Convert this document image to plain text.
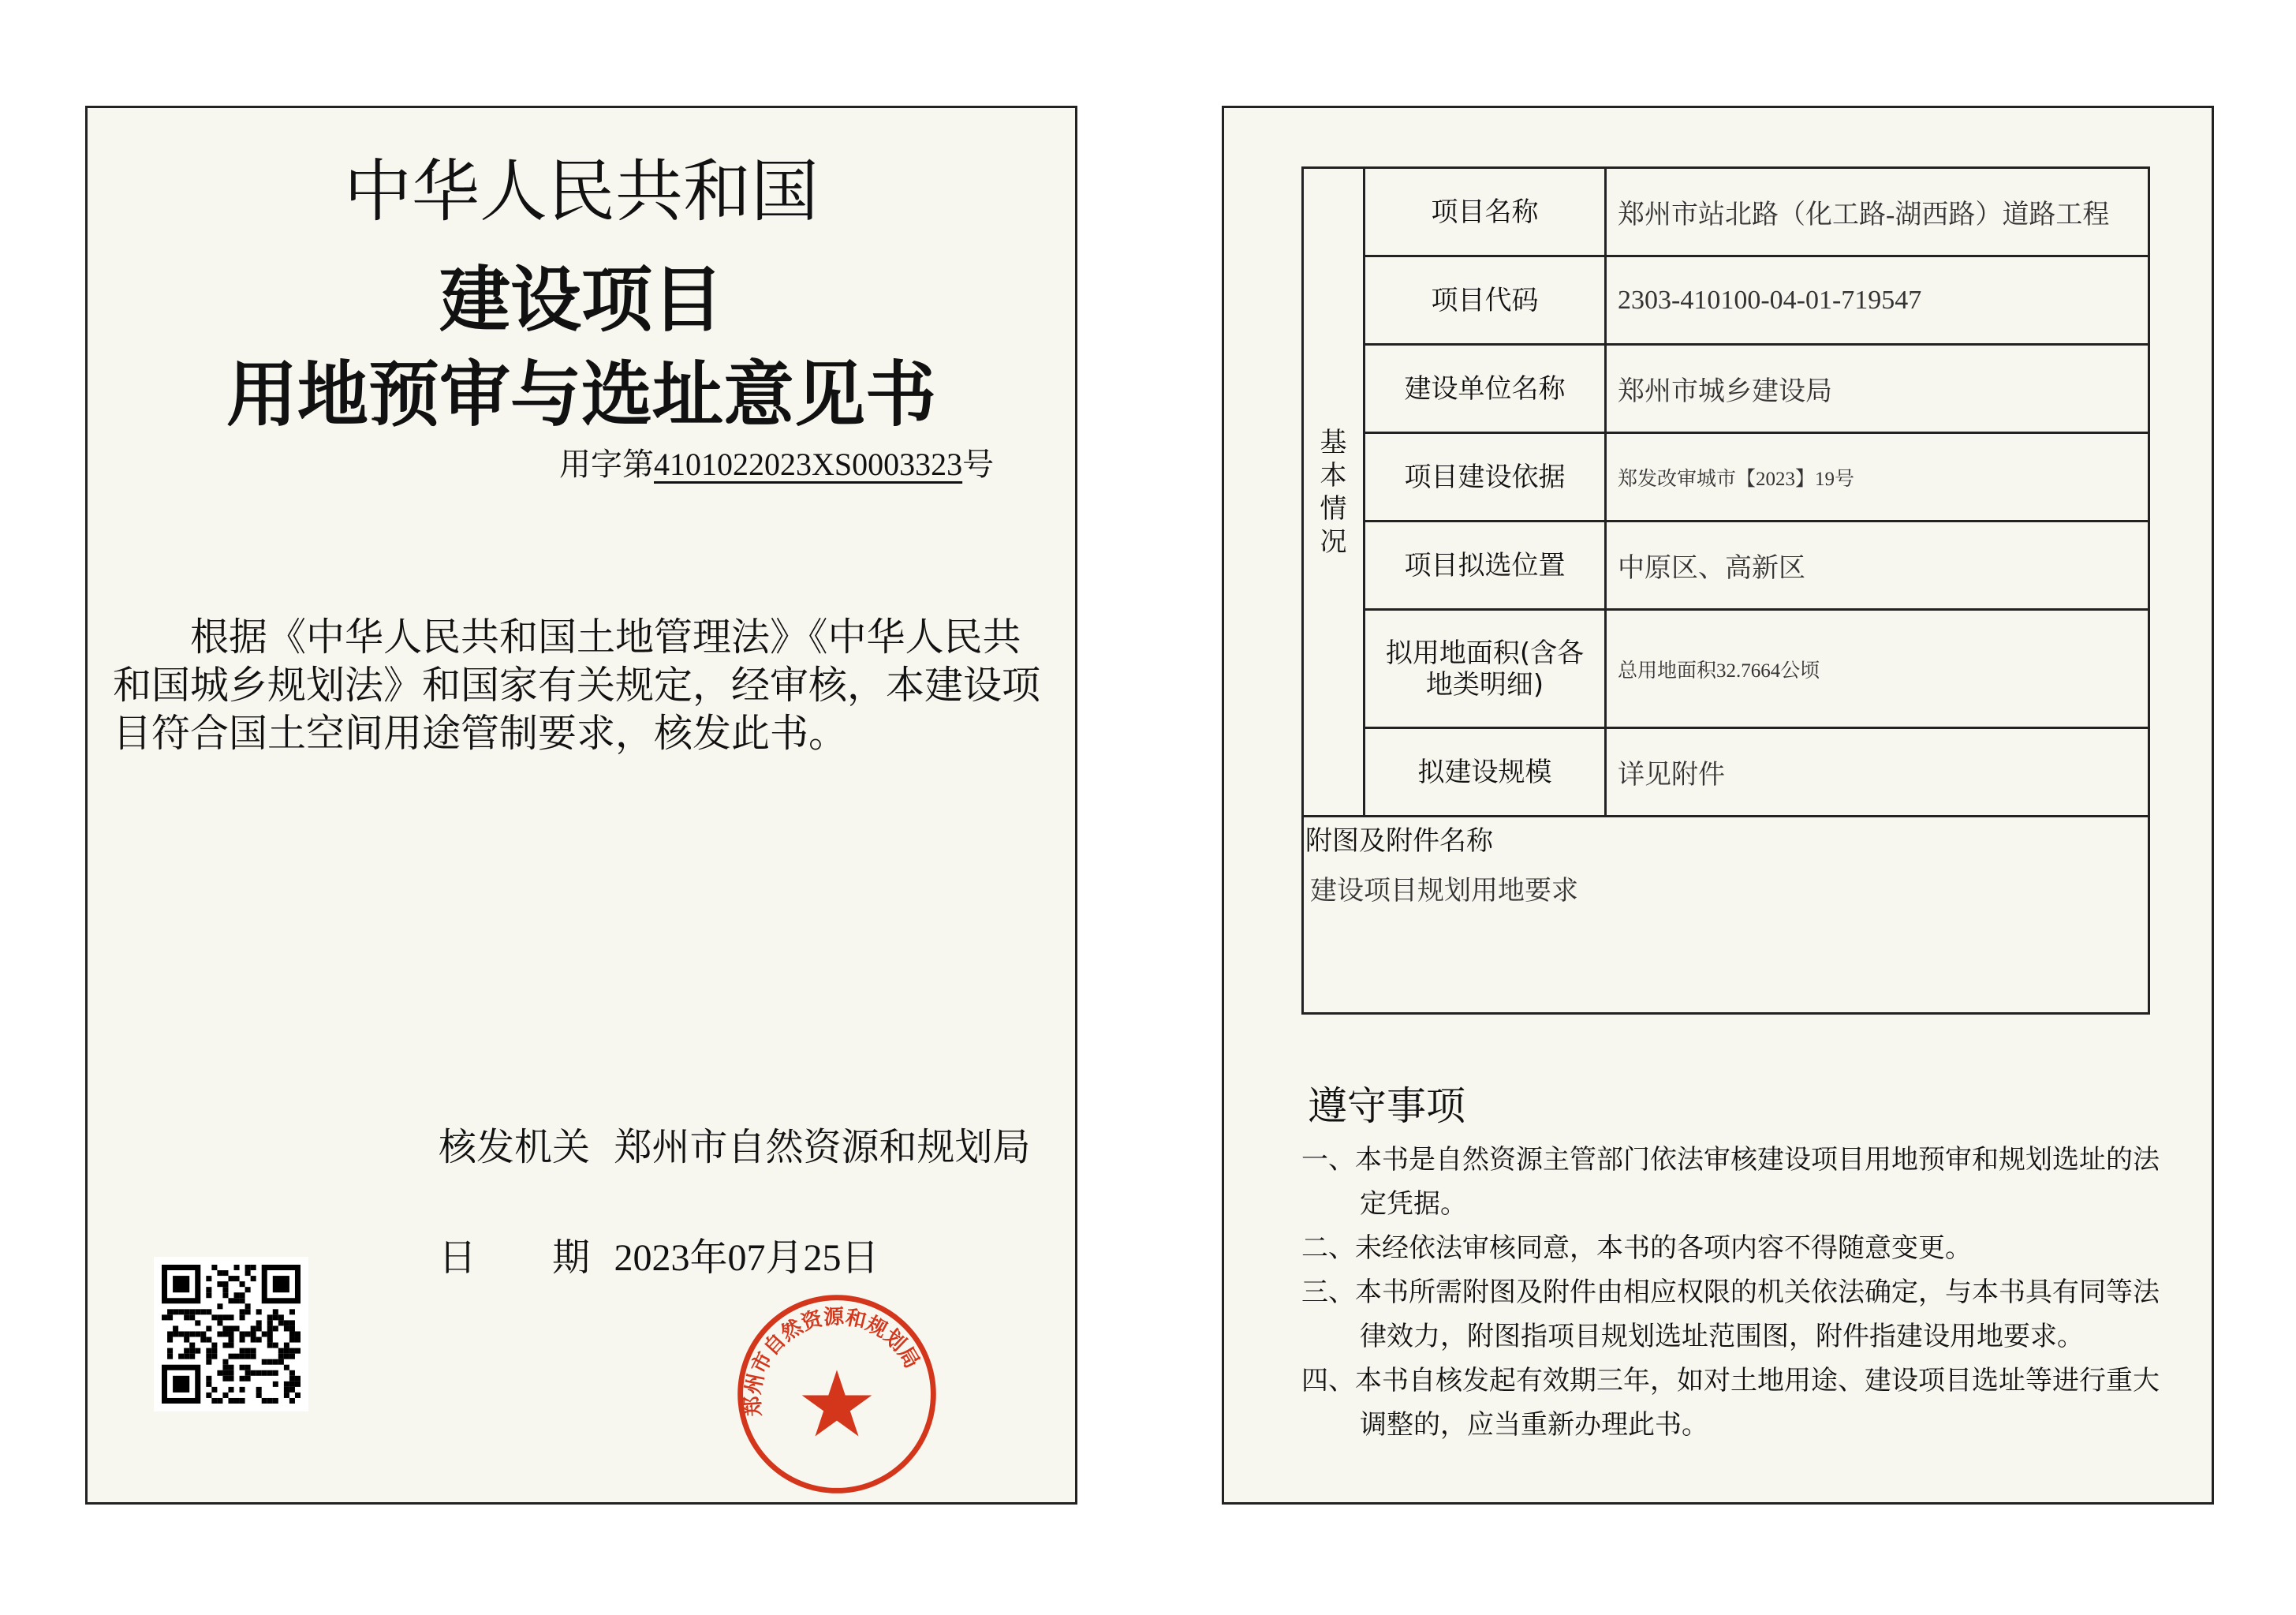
中华人民共和国
建设项目
用地预审与选址意见书
用字第4101022023XS0003323号
根据《中华人民共和国土地管理法》《中华人民共和国城乡规划法》和国家有关规定，经审核，本建设项目符合国土空间用途管制要求，核发此书。
核发机关 郑州市自然资源和规划局
日　　期 2023年07月25日
郑州市自然资源和规划局
基本情况	项目名称	郑州市站北路（化工路-湖西路）道路工程
	项目代码	2303-410100-04-01-719547
	建设单位名称	郑州市城乡建设局
	项目建设依据	郑发改审城市【2023】19号
	项目拟选位置	中原区、高新区
	拟用地面积(含各地类明细)	总用地面积32.7664公顷
	拟建设规模	详见附件

附图及附件名称
建设项目规划用地要求		
遵守事项
一、本书是自然资源主管部门依法审核建设项目用地预审和规划选址的法定凭据。
二、未经依法审核同意，本书的各项内容不得随意变更。
三、本书所需附图及附件由相应权限的机关依法确定，与本书具有同等法律效力，附图指项目规划选址范围图，附件指建设用地要求。
四、本书自核发起有效期三年，如对土地用途、建设项目选址等进行重大调整的，应当重新办理此书。
